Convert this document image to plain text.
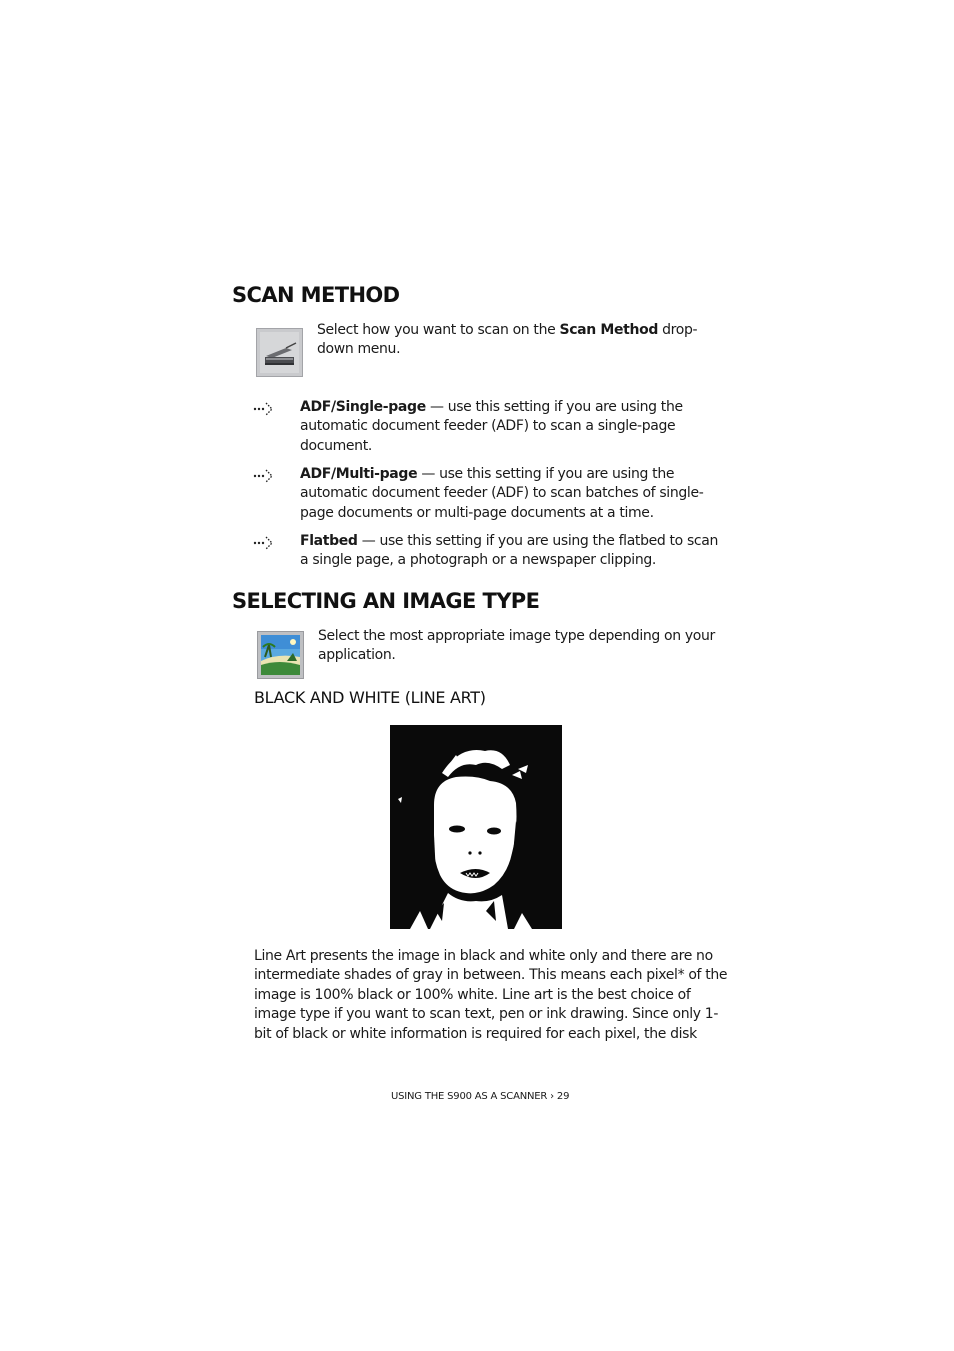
SCAN METHOD
Select how you want to scan on the Scan Method drop-down menu.
ADF/Single-page — use this setting if you are using the automatic document feeder (ADF) to scan a single-page document.
ADF/Multi-page — use this setting if you are using the automatic document feeder (ADF) to scan batches of single-page documents or multi-page documents at a time.
Flatbed — use this setting if you are using the flatbed to scan a single page, a photograph or a newspaper clipping.
SELECTING AN IMAGE TYPE
Select the most appropriate image type depending on your application.
BLACK AND WHITE (LINE ART)
Line Art presents the image in black and white only and there are no intermediate shades of gray in between. This means each pixel* of the image is 100% black or 100% white. Line art is the best choice of image type if you want to scan text, pen or ink drawing. Since only 1-bit of black or white information is required for each pixel, the disk
USING THE S900 AS A SCANNER › 29
